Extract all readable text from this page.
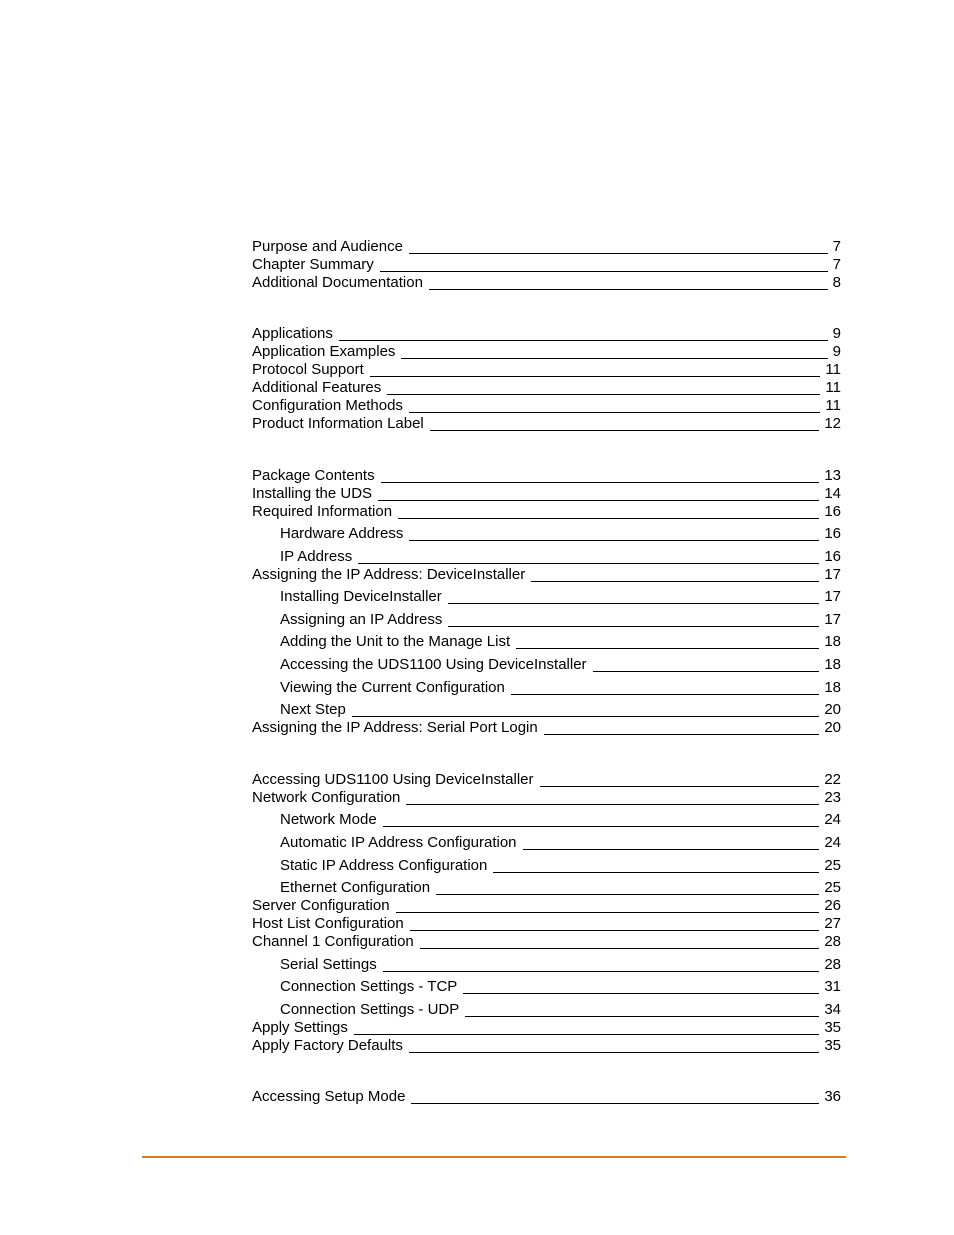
Purpose and Audience	7
Chapter Summary	7
Additional Documentation	8
Applications	9
Application Examples	9
Protocol Support	11
Additional Features	11
Configuration Methods	11
Product Information Label	12
Package Contents	13
Installing the UDS	14
Required Information	16
Hardware Address	16
IP Address	16
Assigning the IP Address: DeviceInstaller	17
Installing DeviceInstaller	17
Assigning an IP Address	17
Adding the Unit to the Manage List	18
Accessing the UDS1100 Using DeviceInstaller	18
Viewing the Current Configuration	18
Next Step	20
Assigning the IP Address: Serial Port Login	20
Accessing UDS1100 Using DeviceInstaller	22
Network Configuration	23
Network Mode	24
Automatic IP Address Configuration	24
Static IP Address Configuration	25
Ethernet Configuration	25
Server Configuration	26
Host List Configuration	27
Channel 1 Configuration	28
Serial Settings	28
Connection Settings - TCP	31
Connection Settings - UDP	34
Apply Settings	35
Apply Factory Defaults	35
Accessing Setup Mode	36
